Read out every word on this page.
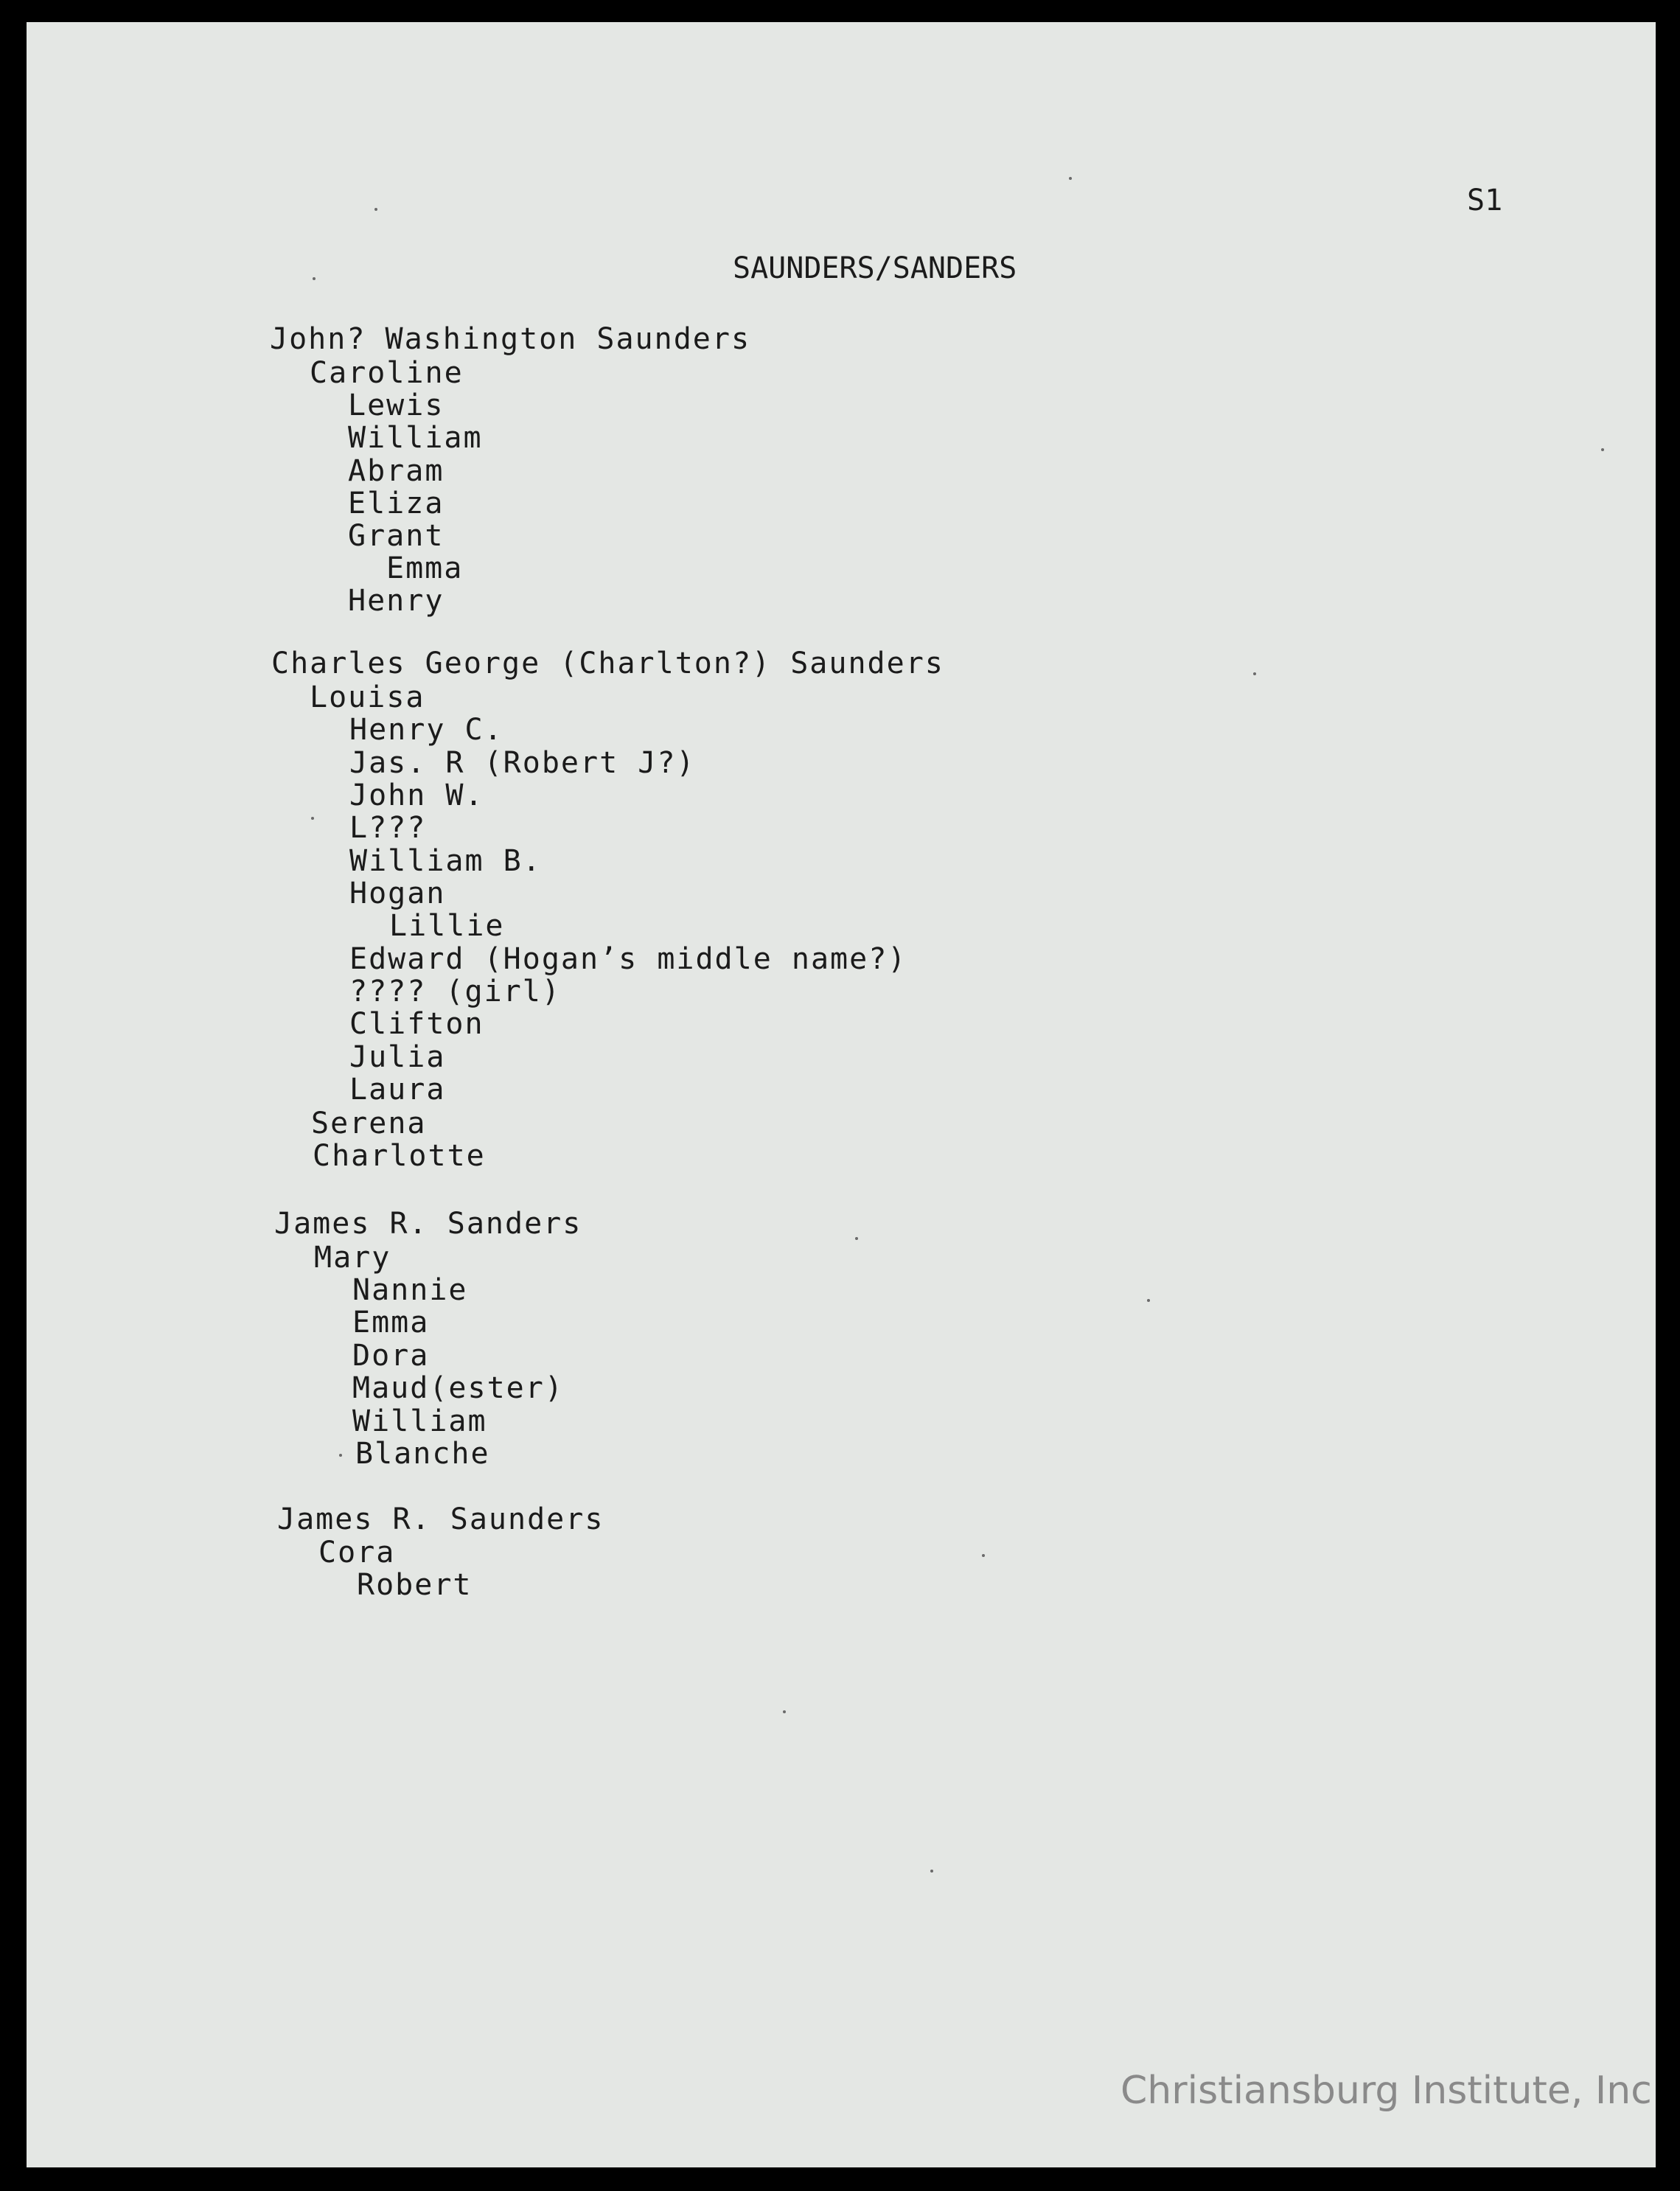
S1
SAUNDERS/SANDERS
John? Washington Saunders
Caroline
Lewis
William
Abram
Eliza
Grant
Emma
Henry
Charles George (Charlton?) Saunders
Louisa
Henry C.
Jas. R (Robert J?)
John W.
L???
William B.
Hogan
Lillie
Edward (Hogan’s middle name?)
???? (girl)
Clifton
Julia
Laura
Serena
Charlotte
James R. Sanders
Mary
Nannie
Emma
Dora
Maud(ester)
William
Blanche
James R. Saunders
Cora
Robert
Christiansburg Institute, Inc
